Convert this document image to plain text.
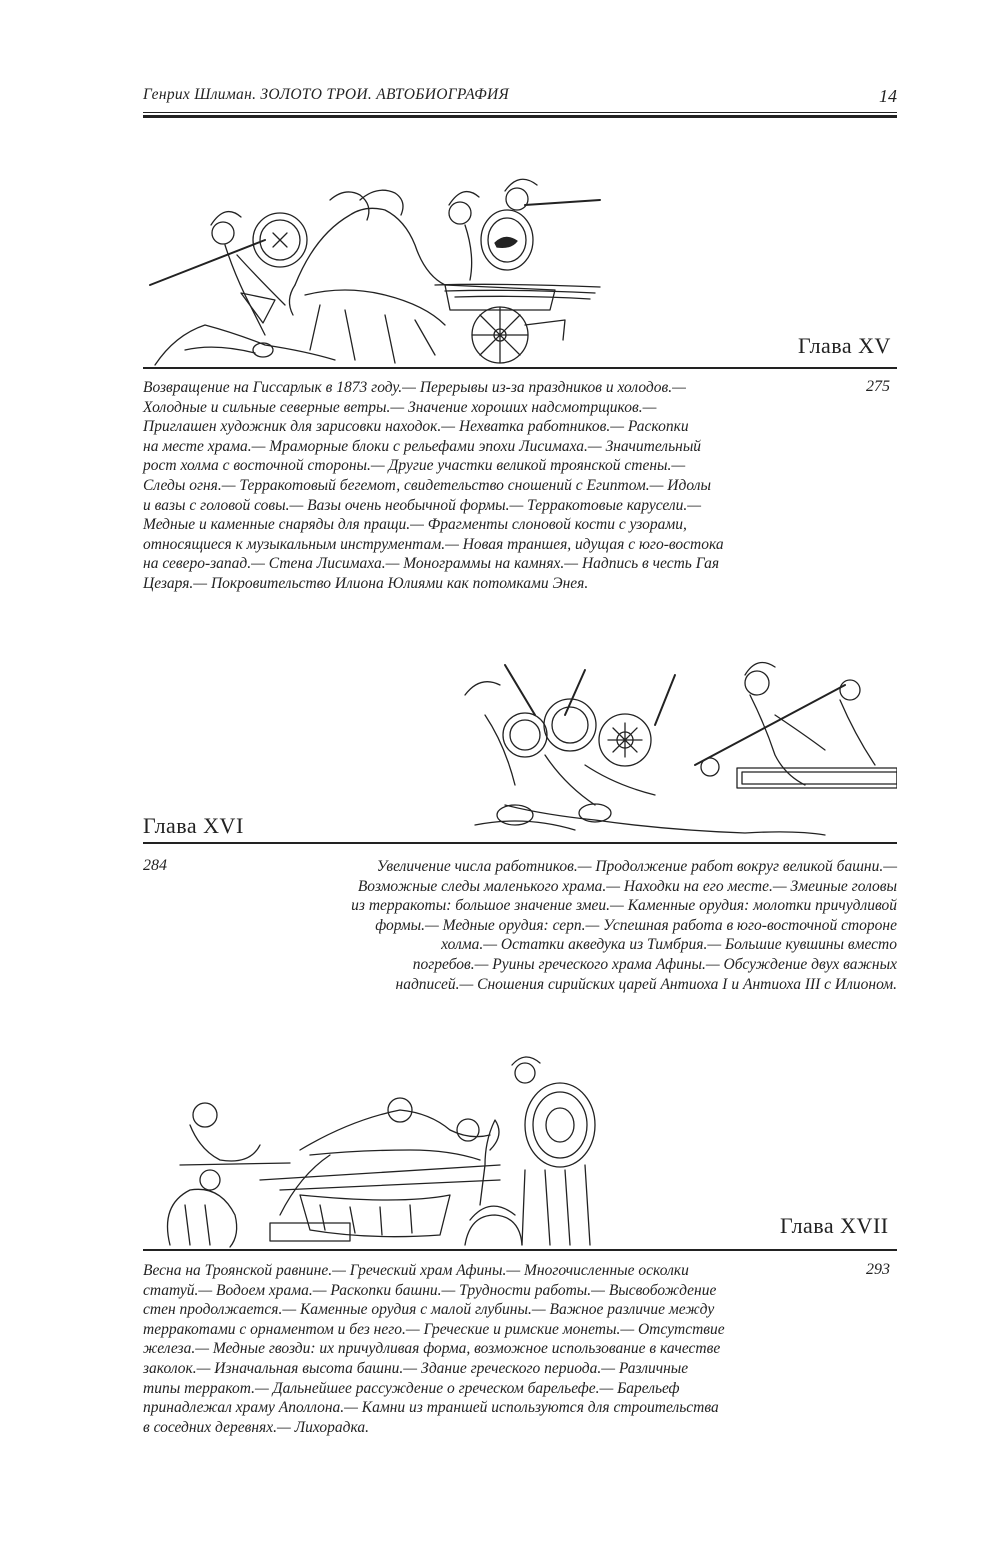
Генрих Шлиман. ЗОЛОТО ТРОИ. АВТОБИОГРАФИЯ	14
Глава XV
Возвращение на Гиссарлык в 1873 году.— Перерывы из-за праздников и холодов.—
Холодные и сильные северные ветры.— Значение хороших надсмотрщиков.—
Приглашен художник для зарисовки находок.— Нехватка работников.— Раскопки
на месте храма.— Мраморные блоки с рельефами эпохи Лисимаха.— Значительный
рост холма с восточной стороны.— Другие участки великой троянской стены.—
Следы огня.— Терракотовый бегемот, свидетельство сношений с Египтом.— Идолы
и вазы с головой совы.— Вазы очень необычной формы.— Терракотовые карусели.—
Медные и каменные снаряды для пращи.— Фрагменты слоновой кости с узорами,
относящиеся к музыкальным инструментам.— Новая траншея, идущая с юго-востока
на северо-запад.— Стена Лисимаха.— Монограммы на камнях.— Надпись в честь Гая
Цезаря.— Покровительство Илиона Юлиями как потомками Энея.
275
Глава XVI
284	Увеличение числа работников.— Продолжение работ вокруг великой башни.—
Возможные следы маленького храма.— Находки на его месте.— Змеиные головы
из терракоты: большое значение змеи.— Каменные орудия: молотки причудливой
формы.— Медные орудия: серп.— Успешная работа в юго-восточной стороне
холма.— Остатки акведука из Тимбрия.— Большие кувшины вместо
погребов.— Руины греческого храма Афины.— Обсуждение двух важных
надписей.— Сношения сирийских царей Антиоха I и Антиоха III с Илионом.
Глава XVII
Весна на Троянской равнине.— Греческий храм Афины.— Многочисленные осколки
статуй.— Водоем храма.— Раскопки башни.— Трудности работы.— Высвобождение
стен продолжается.— Каменные орудия с малой глубины.— Важное различие между
терракотами с орнаментом и без него.— Греческие и римские монеты.— Отсутствие
железа.— Медные гвозди: их причудливая форма, возможное использование в качестве
заколок.— Изначальная высота башни.— Здание греческого периода.— Различные
типы терракот.— Дальнейшее рассуждение о греческом барельефе.— Барельеф
принадлежал храму Аполлона.— Камни из траншей используются для строительства
в соседних деревнях.— Лихорадка.
293
